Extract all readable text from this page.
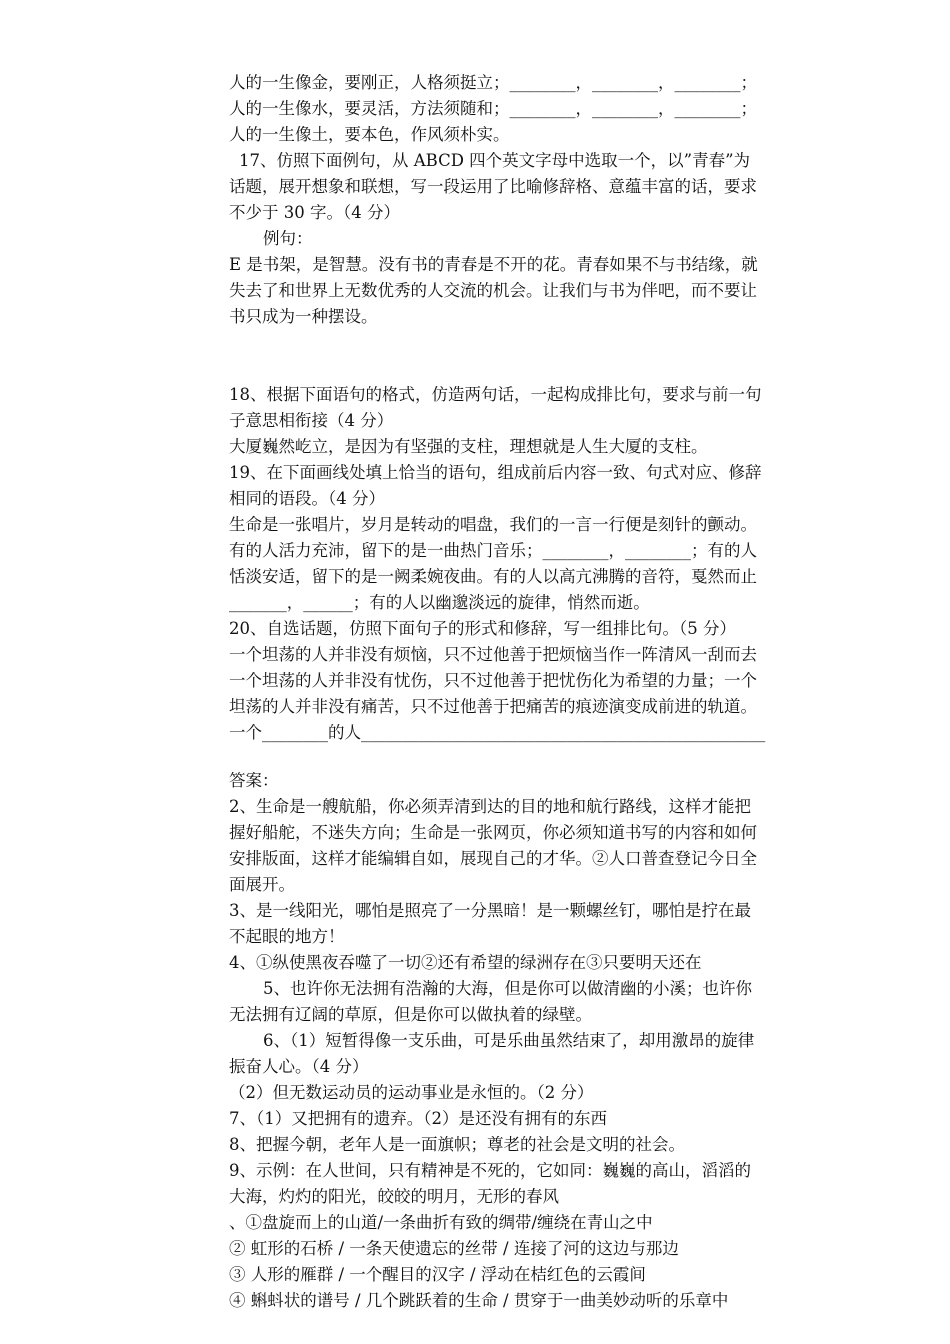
人的一生像金，要刚正，人格须挺立；________，________，________；
人的一生像水，要灵活，方法须随和；________，________，________；
人的一生像土，要本色，作风须朴实。
17、仿照下面例句，从 ABCD 四个英文字母中选取一个，以”青春”为
话题，展开想象和联想，写一段运用了比喻修辞格、意蕴丰富的话，要求
不少于 30 字。（4 分）
例句：
E 是书架，是智慧。没有书的青春是不开的花。青春如果不与书结缘，就
失去了和世界上无数优秀的人交流的机会。让我们与书为伴吧，而不要让
书只成为一种摆设。
18、根据下面语句的格式，仿造两句话，一起构成排比句，要求与前一句
子意思相衔接（4 分）
大厦巍然屹立，是因为有坚强的支柱，理想就是人生大厦的支柱。
19、在下面画线处填上恰当的语句，组成前后内容一致、句式对应、修辞
相同的语段。（4 分）
生命是一张唱片，岁月是转动的唱盘，我们的一言一行便是刻针的颤动。
有的人活力充沛，留下的是一曲热门音乐；________，________；有的人
恬淡安适，留下的是一阙柔婉夜曲。有的人以高亢沸腾的音符，戛然而止
_______，______；有的人以幽邈淡远的旋律，悄然而逝。
20、自选话题，仿照下面句子的形式和修辞，写一组排比句。（5 分）
一个坦荡的人并非没有烦恼，只不过他善于把烦恼当作一阵清风一刮而去
一个坦荡的人并非没有忧伤，只不过他善于把忧伤化为希望的力量；一个
坦荡的人并非没有痛苦，只不过他善于把痛苦的痕迹演变成前进的轨道。
一个________的人_________________________________________________
答案：
2、生命是一艘航船，你必须弄清到达的目的地和航行路线，这样才能把
握好船舵，不迷失方向；生命是一张网页，你必须知道书写的内容和如何
安排版面，这样才能编辑自如，展现自己的才华。②人口普查登记今日全
面展开。
3、是一线阳光，哪怕是照亮了一分黑暗！是一颗螺丝钉，哪怕是拧在最
不起眼的地方！
4、①纵使黑夜吞噬了一切②还有希望的绿洲存在③只要明天还在
5、也许你无法拥有浩瀚的大海，但是你可以做清幽的小溪；也许你
无法拥有辽阔的草原，但是你可以做执着的绿壁。
6、（1）短暂得像一支乐曲，可是乐曲虽然结束了，却用激昂的旋律
振奋人心。（4 分）
（2）但无数运动员的运动事业是永恒的。（2 分）
7、（1）又把拥有的遗弃。（2）是还没有拥有的东西
8、把握今朝，老年人是一面旗帜；尊老的社会是文明的社会。
9、示例：在人世间，只有精神是不死的，它如同：巍巍的高山，滔滔的
大海，灼灼的阳光，皎皎的明月，无形的春风
、①盘旋而上的山道/一条曲折有致的绸带/缠绕在青山之中
② 虹形的石桥 / 一条天使遗忘的丝带 / 连接了河的这边与那边
③ 人形的雁群 / 一个醒目的汉字 / 浮动在桔红色的云霞间
④ 蝌蚪状的谱号 / 几个跳跃着的生命 / 贯穿于一曲美妙动听的乐章中
